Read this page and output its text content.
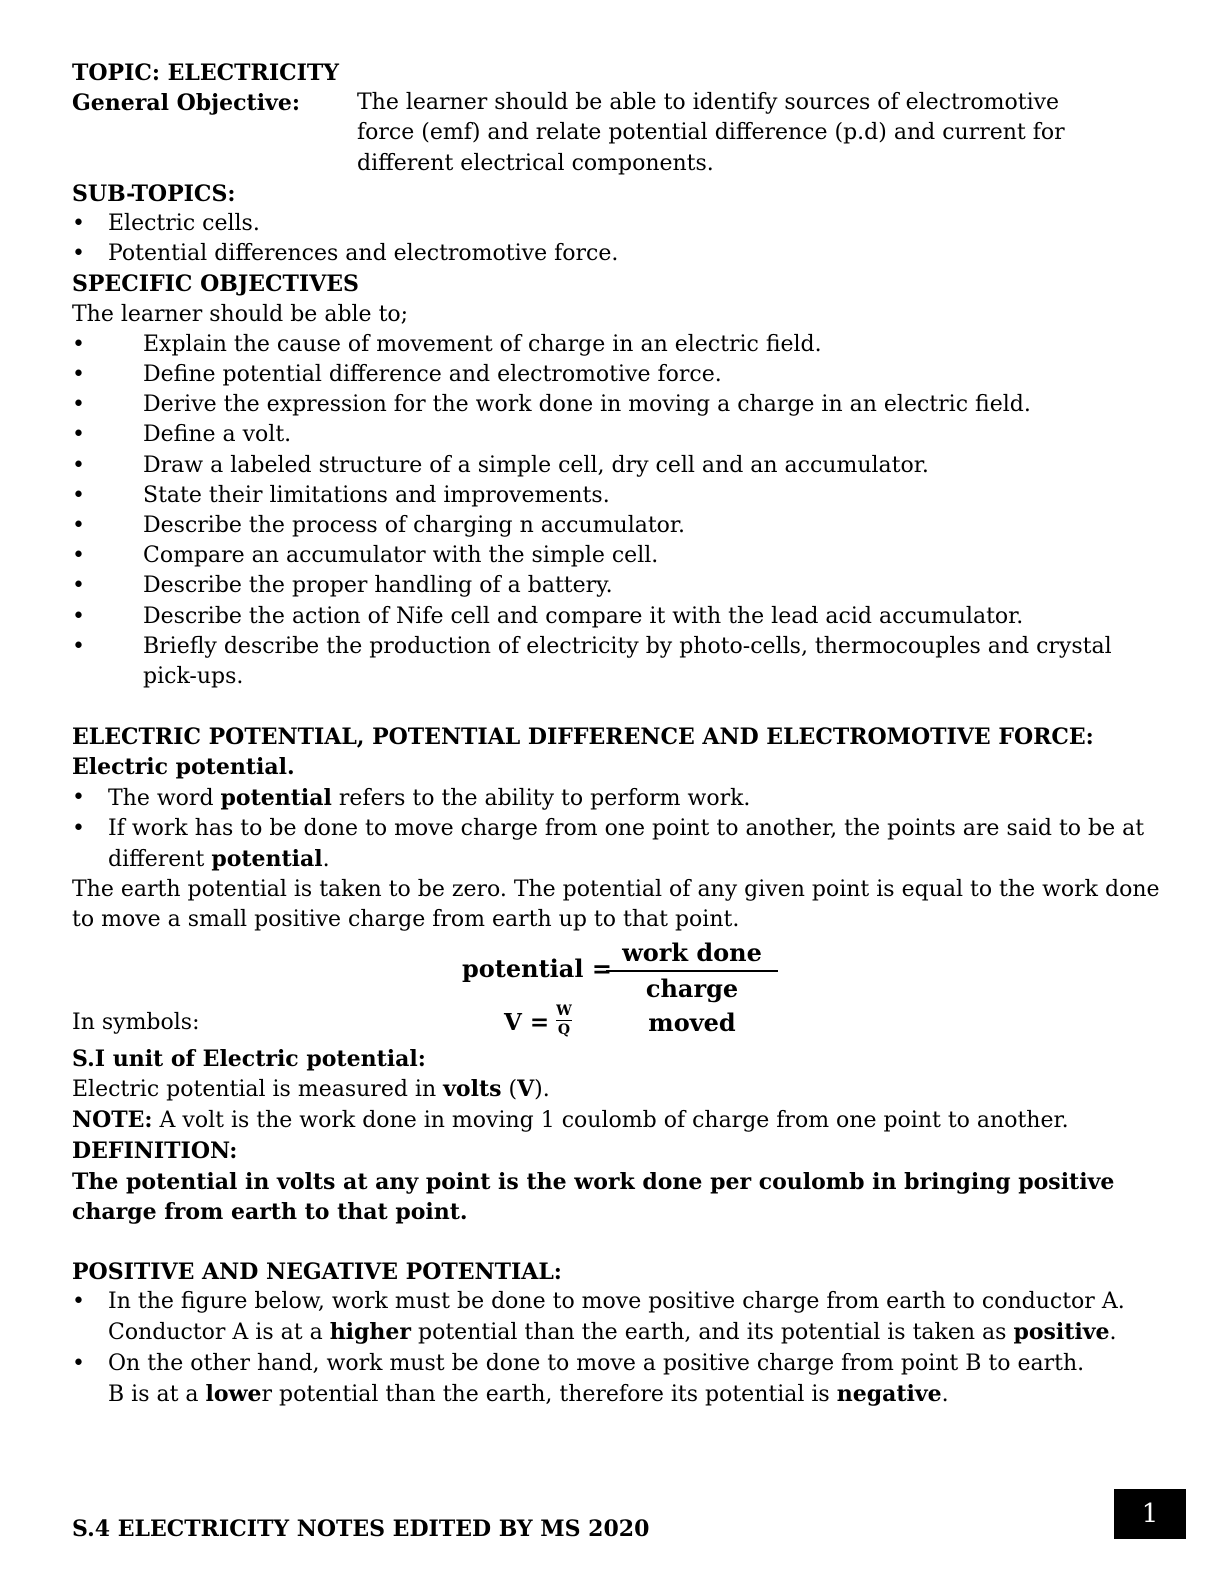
TOPIC: ELECTRICITY

General Objective:	The learner should be able to identify sources of electromotive force (emf) and relate potential difference (p.d) and current for different electrical components.

SUB-TOPICS:

• Electric cells.
• Potential differences and electromotive force.

SPECIFIC OBJECTIVES

The learner should be able to;

• Explain the cause of movement of charge in an electric field.
• Define potential difference and electromotive force.
• Derive the expression for the work done in moving a charge in an electric field.
• Define a volt.
• Draw a labeled structure of a simple cell, dry cell and an accumulator.
• State their limitations and improvements.
• Describe the process of charging n accumulator.
• Compare an accumulator with the simple cell.
• Describe the proper handling of a battery.
• Describe the action of Nife cell and compare it with the lead acid accumulator.
• Briefly describe the production of electricity by photo-cells, thermocouples and crystal pick-ups.

ELECTRIC POTENTIAL, POTENTIAL DIFFERENCE AND ELECTROMOTIVE FORCE:

Electric potential.

• The word potential refers to the ability to perform work.
• If work has to be done to move charge from one point to another, the points are said to be at different potential.

The earth potential is taken to be zero. The potential of any given point is equal to the work done to move a small positive charge from earth up to that point.

potential =
work done
charge moved
In symbols:	$V = \frac{W}{Q}$

S.I unit of Electric potential:

Electric potential is measured in volts (V).

NOTE: A volt is the work done in moving 1 coulomb of charge from one point to another.

DEFINITION:

The potential in volts at any point is the work done per coulomb in bringing positive charge from earth to that point.

POSITIVE AND NEGATIVE POTENTIAL:

• In the figure below, work must be done to move positive charge from earth to conductor A.
Conductor A is at a higher potential than the earth, and its potential is taken as positive.
• On the other hand, work must be done to move a positive charge from point B to earth.
B is at a lower potential than the earth, therefore its potential is negative.
S.4 ELECTRICITY NOTES EDITED BY MS 2020	1
